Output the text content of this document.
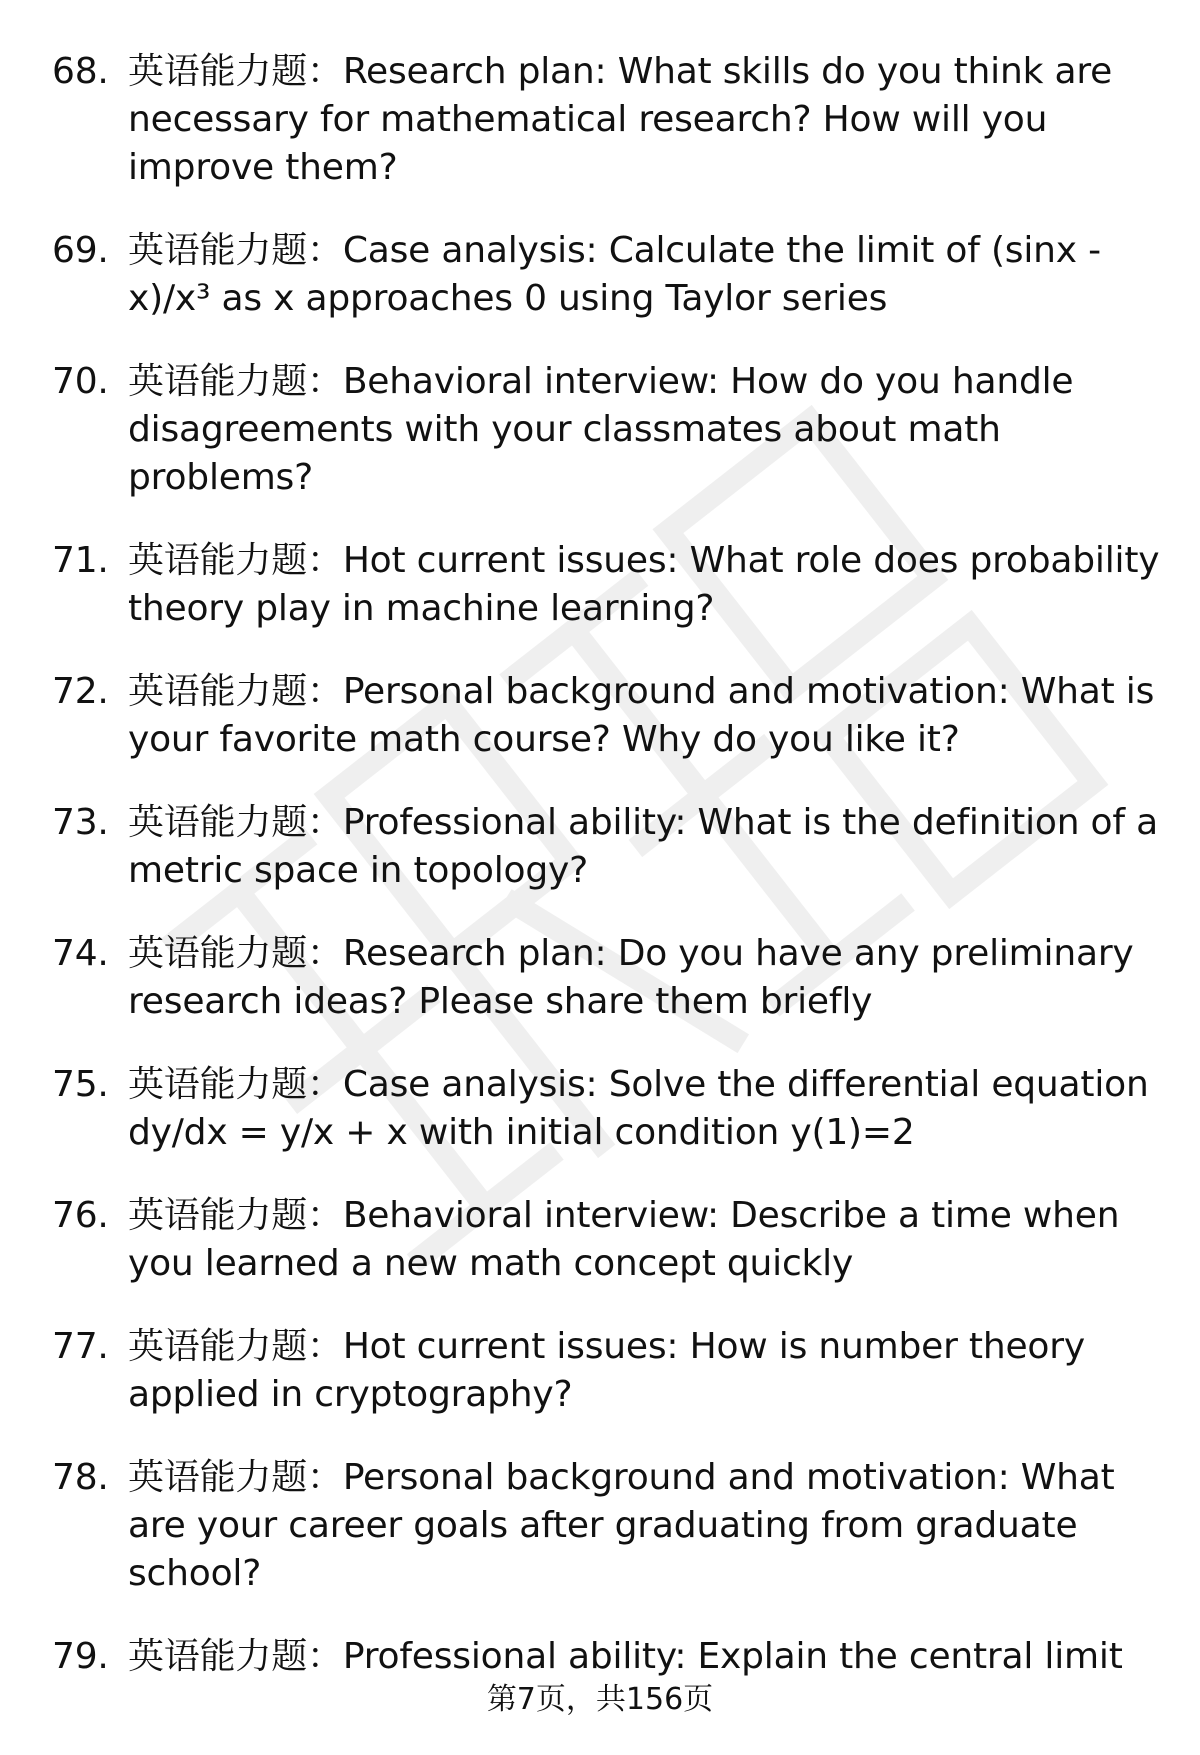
68. 英语能力题：Research plan: What skills do you think are necessary for mathematical research? How will you improve them?
69. 英语能力题：Case analysis: Calculate the limit of (sinx - x)/x³ as x approaches 0 using Taylor series
70. 英语能力题：Behavioral interview: How do you handle disagreements with your classmates about math problems?
71. 英语能力题：Hot current issues: What role does probability theory play in machine learning?
72. 英语能力题：Personal background and motivation: What is your favorite math course? Why do you like it?
73. 英语能力题：Professional ability: What is the definition of a metric space in topology?
74. 英语能力题：Research plan: Do you have any preliminary research ideas? Please share them briefly
75. 英语能力题：Case analysis: Solve the differential equation dy/dx = y/x + x with initial condition y(1)=2
76. 英语能力题：Behavioral interview: Describe a time when you learned a new math concept quickly
77. 英语能力题：Hot current issues: How is number theory applied in cryptography?
78. 英语能力题：Personal background and motivation: What are your career goals after graduating from graduate school?
79. 英语能力题：Professional ability: Explain the central limit
第7页，共156页
